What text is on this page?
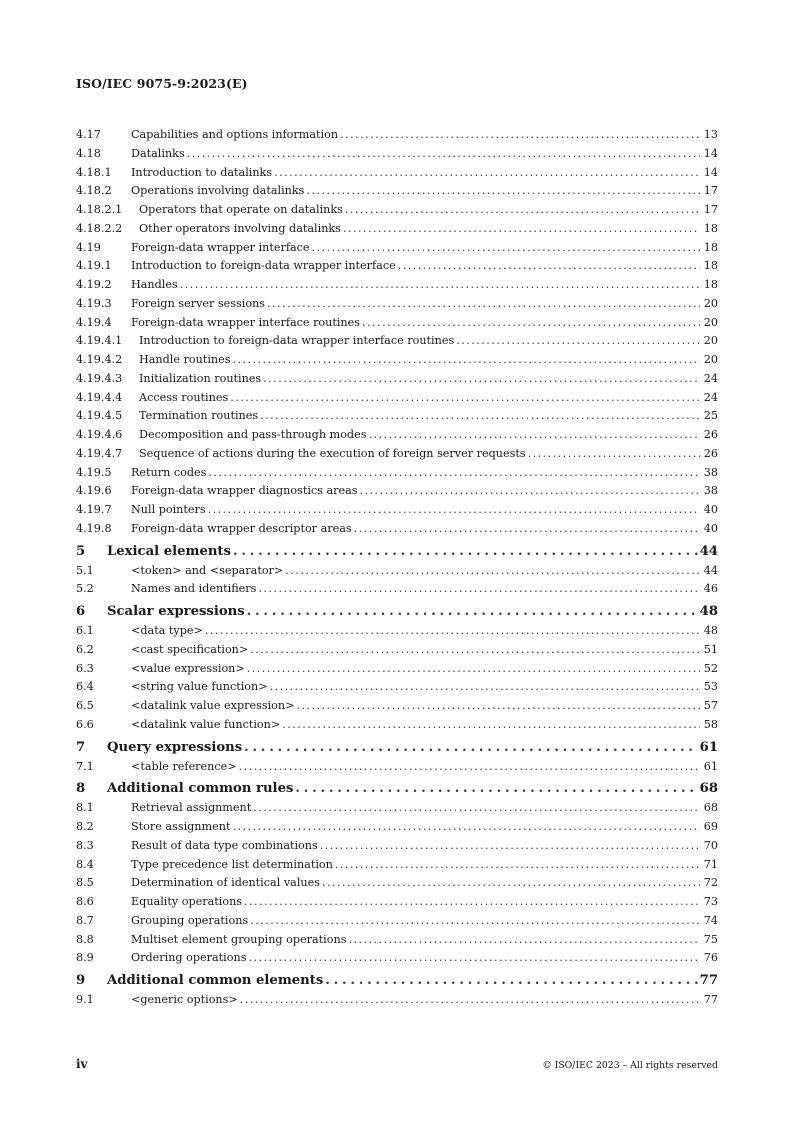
ISO/IEC 9075-9:2023(E)
4.17	Capabilities and options information . . .	13
4.18	Datalinks . . .	14
4.18.1	Introduction to datalinks . . .	14
4.18.2	Operations involving datalinks . . .	17
4.18.2.1	Operators that operate on datalinks . . .	17
4.18.2.2	Other operators involving datalinks . . .	18
4.19	Foreign-data wrapper interface . . .	18
4.19.1	Introduction to foreign-data wrapper interface . . .	18
4.19.2	Handles . . .	18
4.19.3	Foreign server sessions . . .	20
4.19.4	Foreign-data wrapper interface routines . . .	20
4.19.4.1	Introduction to foreign-data wrapper interface routines . . .	20
4.19.4.2	Handle routines . . .	20
4.19.4.3	Initialization routines . . .	24
4.19.4.4	Access routines . . .	24
4.19.4.5	Termination routines . . .	25
4.19.4.6	Decomposition and pass-through modes . . .	26
4.19.4.7	Sequence of actions during the execution of foreign server requests . . .	26
4.19.5	Return codes . . .	38
4.19.6	Foreign-data wrapper diagnostics areas . . .	38
4.19.7	Null pointers . . .	40
4.19.8	Foreign-data wrapper descriptor areas . . .	40
5	Lexical elements . . .	44
5.1	<token> and <separator> . . .	44
5.2	Names and identifiers . . .	46
6	Scalar expressions . . .	48
6.1	<data type> . . .	48
6.2	<cast specification> . . .	51
6.3	<value expression> . . .	52
6.4	<string value function> . . .	53
6.5	<datalink value expression> . . .	57
6.6	<datalink value function> . . .	58
7	Query expressions . . .	61
7.1	<table reference> . . .	61
8	Additional common rules . . .	68
8.1	Retrieval assignment . . .	68
8.2	Store assignment . . .	69
8.3	Result of data type combinations . . .	70
8.4	Type precedence list determination . . .	71
8.5	Determination of identical values . . .	72
8.6	Equality operations . . .	73
8.7	Grouping operations . . .	74
8.8	Multiset element grouping operations . . .	75
8.9	Ordering operations . . .	76
9	Additional common elements . . .	77
9.1	<generic options> . . .	77
iv	© ISO/IEC 2023 – All rights reserved
